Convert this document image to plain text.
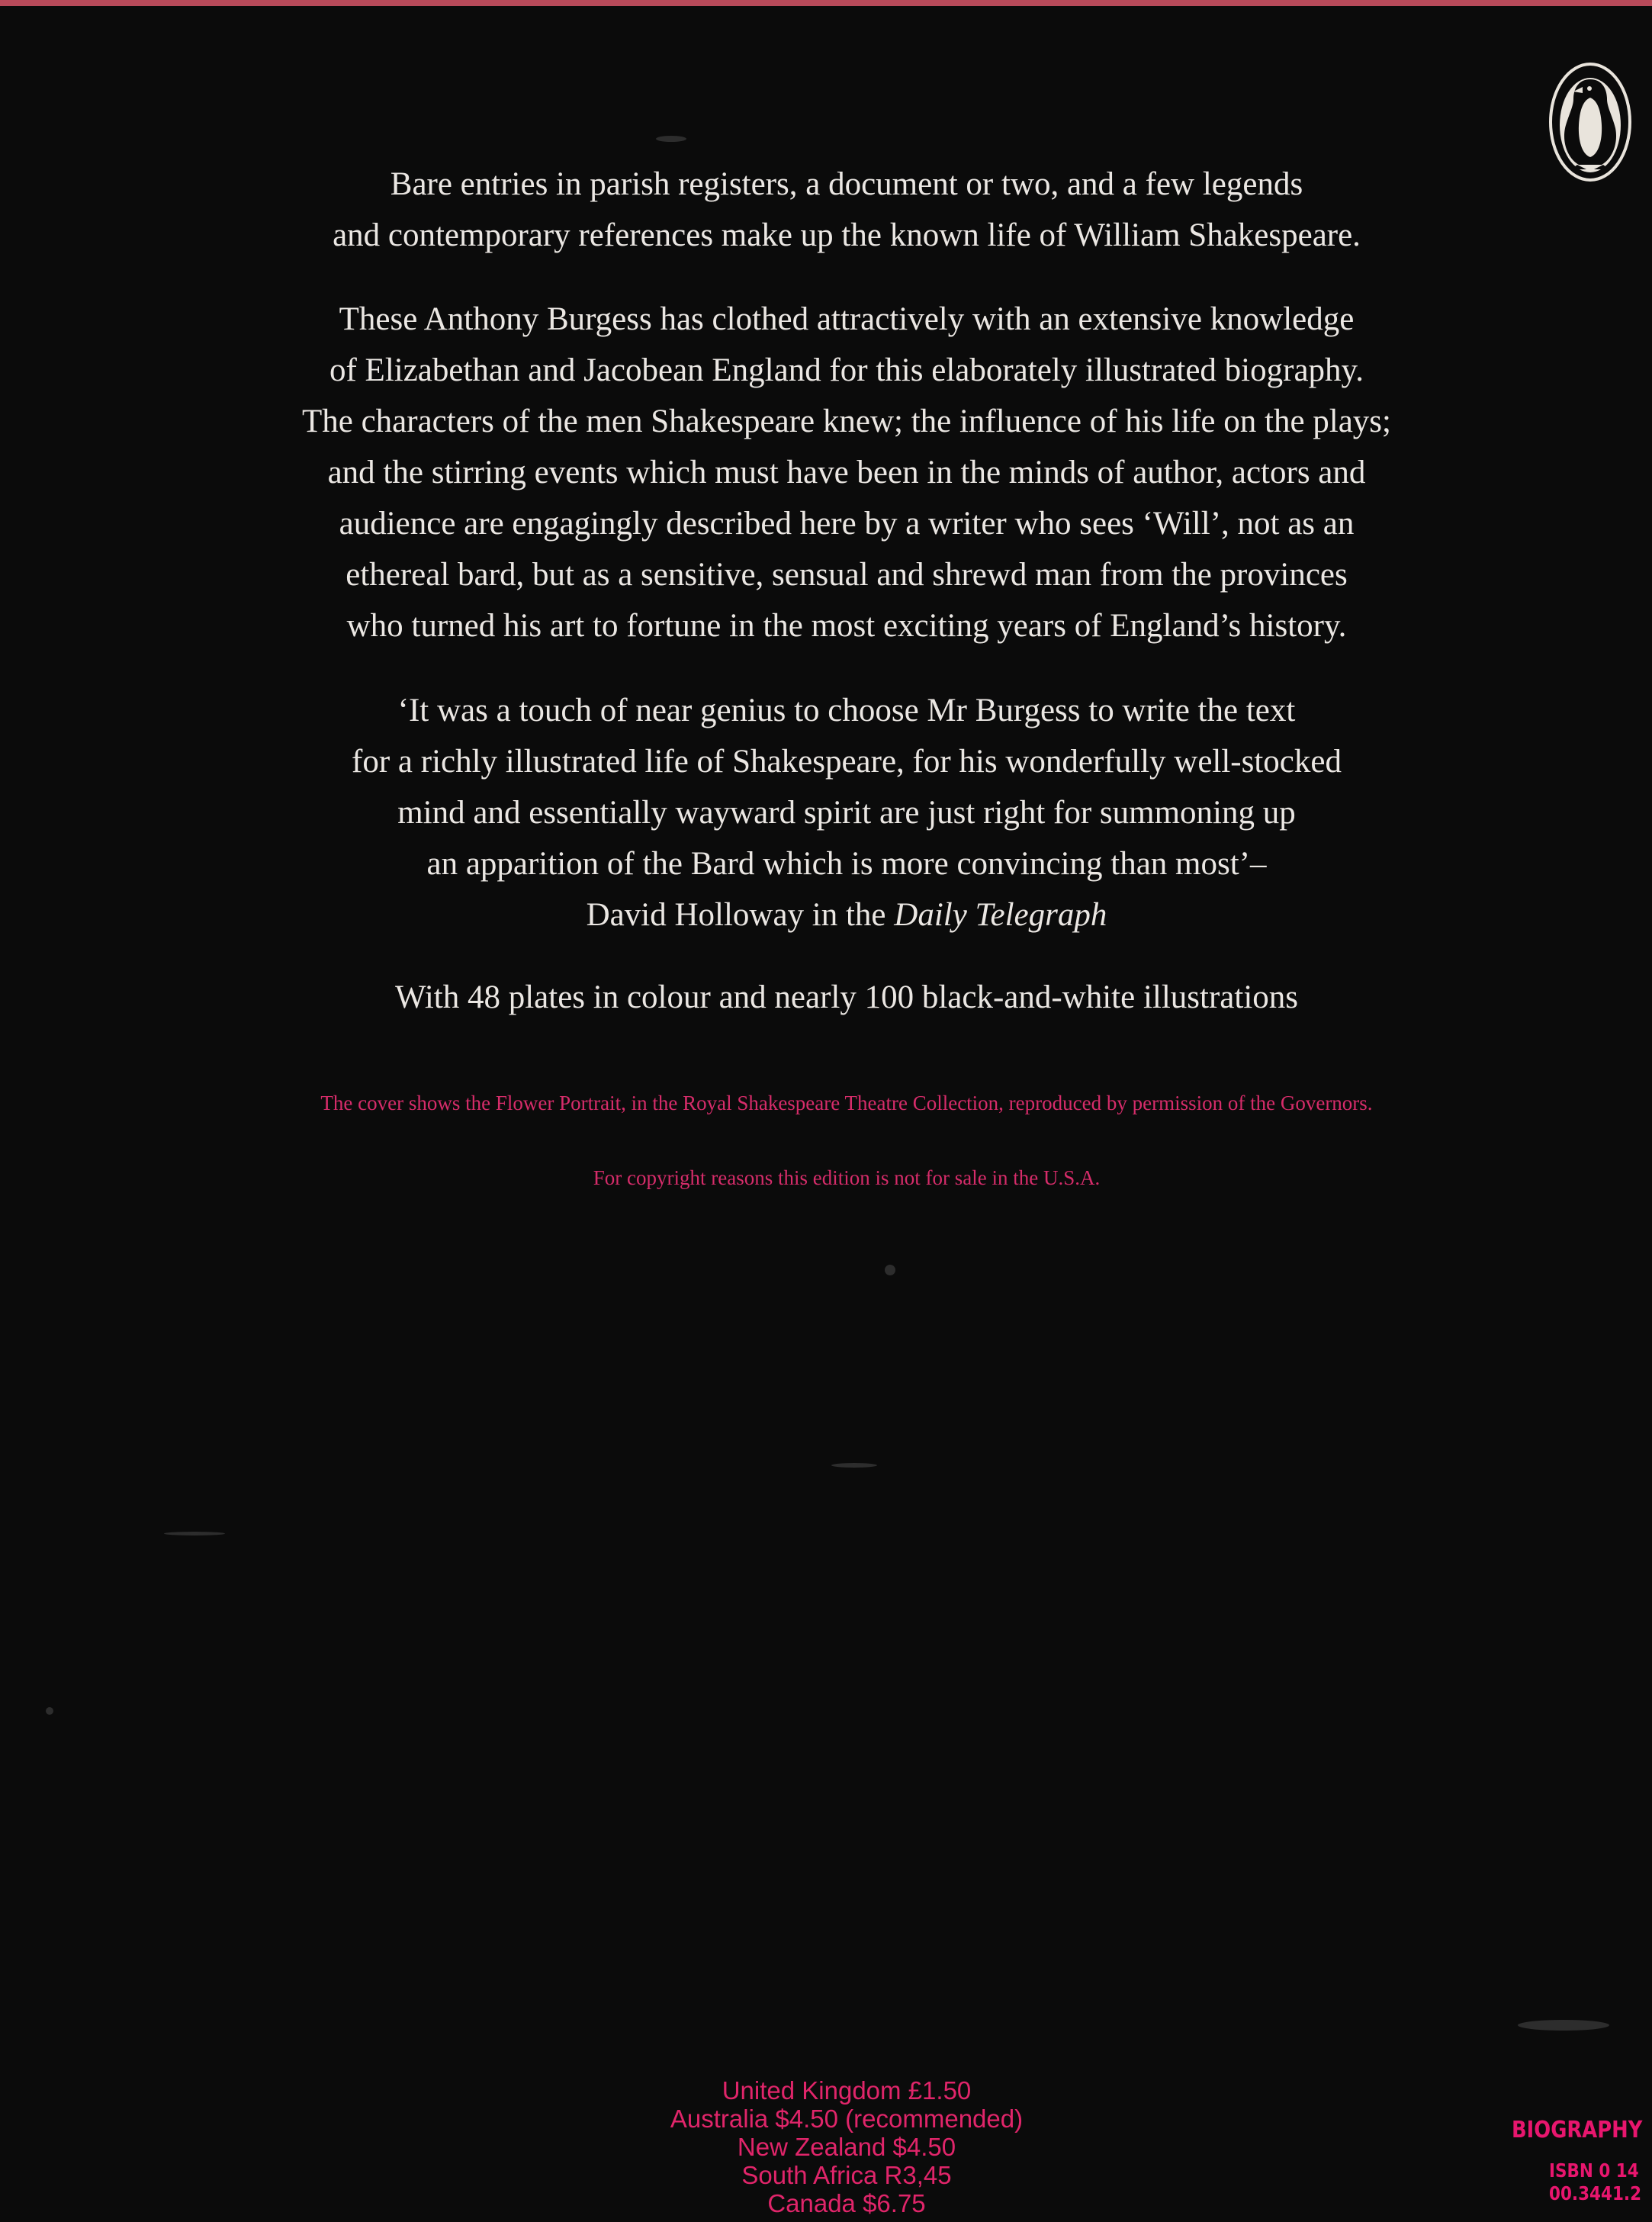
Bare entries in parish registers, a document or two, and a few legends
and contemporary references make up the known life of William Shakespeare.

These Anthony Burgess has clothed attractively with an extensive knowledge
of Elizabethan and Jacobean England for this elaborately illustrated biography.
The characters of the men Shakespeare knew; the influence of his life on the plays;
and the stirring events which must have been in the minds of author, actors and
audience are engagingly described here by a writer who sees ‘Will’, not as an
ethereal bard, but as a sensitive, sensual and shrewd man from the provinces
who turned his art to fortune in the most exciting years of England’s history.

‘It was a touch of near genius to choose Mr Burgess to write the text
for a richly illustrated life of Shakespeare, for his wonderfully well-stocked
mind and essentially wayward spirit are just right for summoning up
an apparition of the Bard which is more convincing than most’–
David Holloway in the Daily Telegraph

With 48 plates in colour and nearly 100 black-and-white illustrations

The cover shows the Flower Portrait, in the Royal Shakespeare Theatre Collection, reproduced by permission of the Governors.

For copyright reasons this edition is not for sale in the U.S.A.

United Kingdom £1.50
Australia $4.50 (recommended)
New Zealand $4.50
South Africa R3,45
Canada $6.75

BIOGRAPHY
ISBN 0 14
00.3441.2
